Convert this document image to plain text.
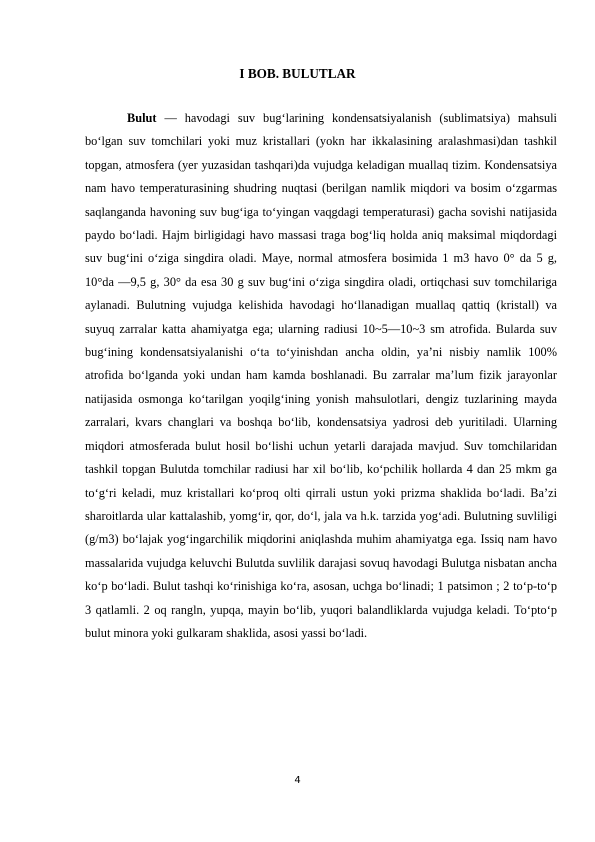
I BOB. BULUTLAR

Bulut — havodagi suv bug‘larining kondensatsiyalanish (sublimatsiya) mahsuli bo‘lgan suv tomchilari yoki muz kristallari (yokn har ikkalasining aralashmasi)dan tashkil topgan, atmosfera (yer yuzasidan tashqari)da vujudga keladigan muallaq tizim. Kondensatsiya nam havo temperaturasining shudring nuqtasi (berilgan namlik miqdori va bosim o‘zgarmas saqlanganda havoning suv bug‘iga to‘yingan vaqgdagi temperaturasi) gacha sovishi natijasida paydo bo‘ladi. Hajm birligidagi havo massasi traga bog‘liq holda aniq maksimal miqdordagi suv bug‘ini o‘ziga singdira oladi. Maye, normal atmosfera bosimida 1 m3 havo 0° da 5 g, 10°da —9,5 g, 30° da esa 30 g suv bug‘ini o‘ziga singdira oladi, ortiqchasi suv tomchilariga aylanadi. Bulutning vujudga kelishida havodagi ho‘llanadigan muallaq qattiq (kristall) va suyuq zarralar katta ahamiyatga ega; ularning radiusi 10~5—10~3 sm atrofida. Bularda suv bug‘ining kondensatsiyalanishi o‘ta to‘yinishdan ancha oldin, ya’ni nisbiy namlik 100% atrofida bo‘lganda yoki undan ham kamda boshlanadi. Bu zarralar ma’lum fizik jarayonlar natijasida osmonga ko‘tarilgan yoqilg‘ining yonish mahsulotlari, dengiz tuzlarining mayda zarralari, kvars changlari va boshqa bo‘lib, kondensatsiya yadrosi deb yuritiladi. Ularning miqdori atmosferada bulut hosil bo‘lishi uchun yetarli darajada mavjud. Suv tomchilaridan tashkil topgan Bulutda tomchilar radiusi har xil bo‘lib, ko‘pchilik hollarda 4 dan 25 mkm ga to‘g‘ri keladi, muz kristallari ko‘proq olti qirrali ustun yoki prizma shaklida bo‘ladi. Ba’zi sharoitlarda ular kattalashib, yomg‘ir, qor, do‘l, jala va h.k. tarzida yog‘adi. Bulutning suvliligi (g/m3) bo‘lajak yog‘ingarchilik miqdorini aniqlashda muhim ahamiyatga ega. Issiq nam havo massalarida vujudga keluvchi Bulutda suvlilik darajasi sovuq havodagi Bulutga nisbatan ancha ko‘p bo‘ladi. Bulut tashqi ko‘rinishiga ko‘ra, asosan, uchga bo‘linadi; 1 patsimon ; 2 to‘p-to‘p 3 qatlamli. 2 oq rangln, yupqa, mayin bo‘lib, yuqori balandliklarda vujudga keladi. To‘pto‘p bulut minora yoki gulkaram shaklida, asosi yassi bo‘ladi.

4
